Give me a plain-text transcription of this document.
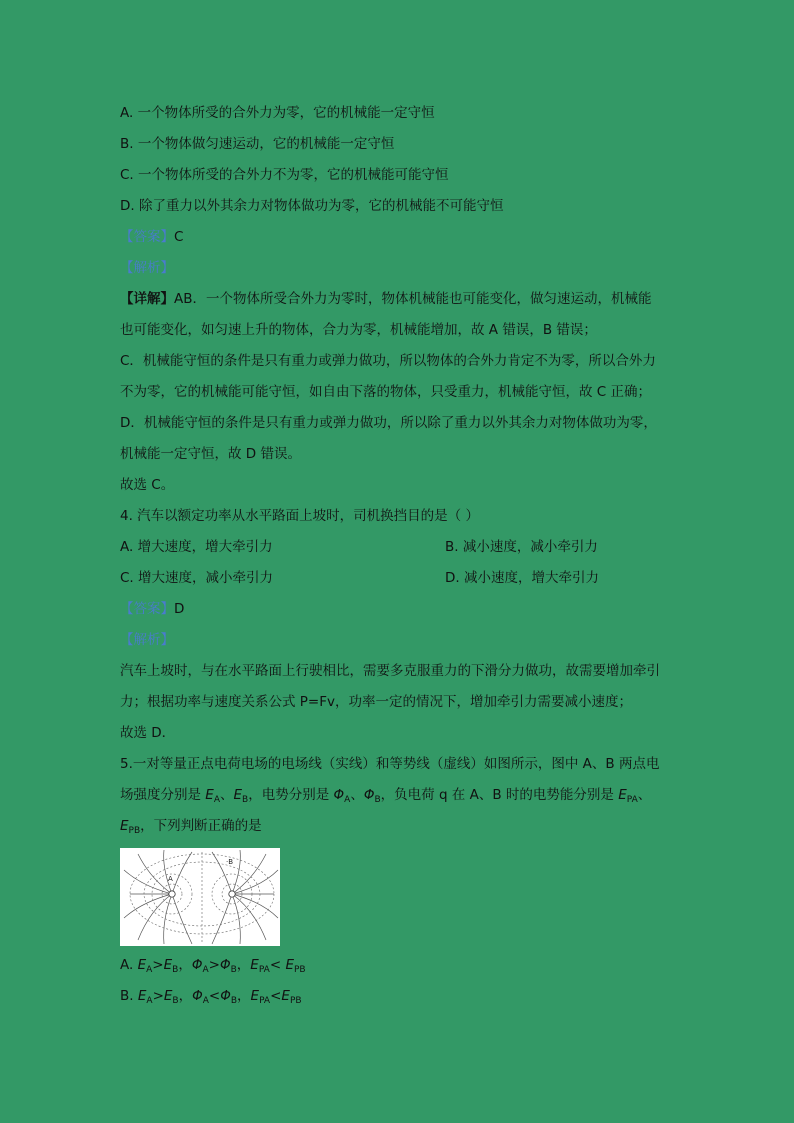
A. 一个物体所受的合外力为零，它的机械能一定守恒
B. 一个物体做匀速运动，它的机械能一定守恒
C. 一个物体所受的合外力不为零，它的机械能可能守恒
D. 除了重力以外其余力对物体做功为零，它的机械能不可能守恒
【答案】C
【解析】
【详解】AB．一个物体所受合外力为零时，物体机械能也可能变化，做匀速运动，机械能
也可能变化，如匀速上升的物体，合力为零，机械能增加，故 A 错误，B 错误；
C．机械能守恒的条件是只有重力或弹力做功，所以物体的合外力肯定不为零，所以合外力
不为零，它的机械能可能守恒，如自由下落的物体，只受重力，机械能守恒，故 C 正确；
D．机械能守恒的条件是只有重力或弹力做功，所以除了重力以外其余力对物体做功为零，
机械能一定守恒，故 D 错误。
故选 C。
4. 汽车以额定功率从水平路面上坡时，司机换挡目的是（ ）
A. 增大速度，增大牵引力	B. 减小速度，减小牵引力
C. 增大速度，减小牵引力	D. 减小速度，增大牵引力
【答案】D
【解析】
汽车上坡时，与在水平路面上行驶相比，需要多克服重力的下滑分力做功，故需要增加牵引
力；根据功率与速度关系公式 P=Fv，功率一定的情况下，增加牵引力需要减小速度；
故选 D．
5.一对等量正点电荷电场的电场线（实线）和等势线（虚线）如图所示，图中 A、B 两点电
场强度分别是 $E_A$、$E_B$，电势分别是 $\Phi_A$、$\Phi_B$，负电荷 q 在 A、B 时的电势能分别是 $E_{PA}$、
$E_{PB}$，下列判断正确的是
A
·B
A. $E_A>E_B$，$\Phi_A>\Phi_B$，$E_{PA}< E_{PB}$
B. $E_A>E_B$，$\Phi_A<\Phi_B$，$E_{PA}<E_{PB}$
